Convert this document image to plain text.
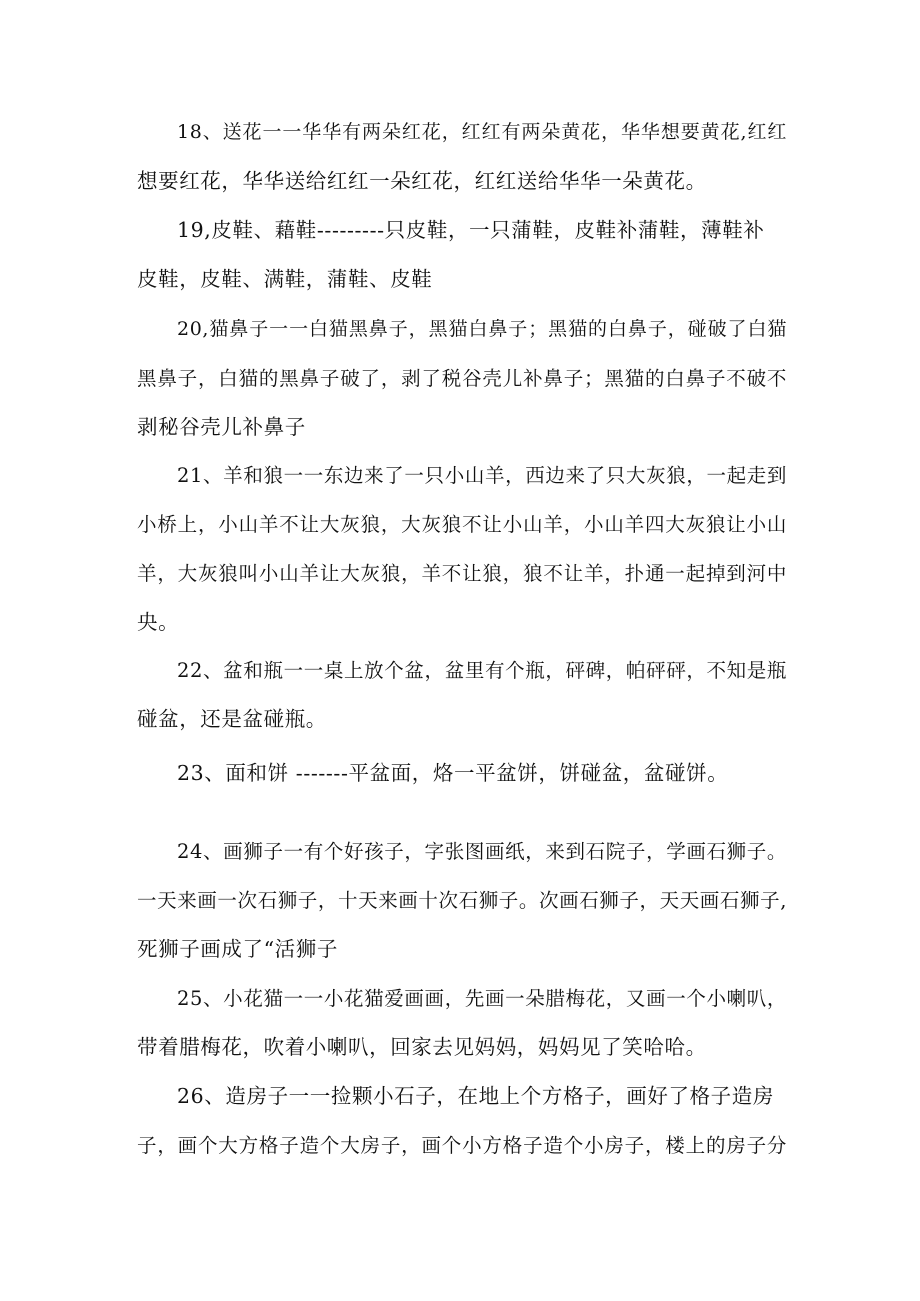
18、送花一一华华有两朵红花，红红有两朵黄花，华华想要黄花,红红
想要红花，华华送给红红一朵红花，红红送给华华一朵黄花。
19,皮鞋、藉鞋---------只皮鞋，一只蒲鞋，皮鞋补蒲鞋，薄鞋补
皮鞋，皮鞋、满鞋，蒲鞋、皮鞋
20,猫鼻子一一白猫黑鼻子，黑猫白鼻子；黑猫的白鼻子，碰破了白猫
黑鼻子，白猫的黑鼻子破了，剥了税谷壳儿补鼻子；黑猫的白鼻子不破不
剥秘谷壳儿补鼻子
21、羊和狼一一东边来了一只小山羊，西边来了只大灰狼，一起走到
小桥上，小山羊不让大灰狼，大灰狼不让小山羊，小山羊四大灰狼让小山
羊，大灰狼叫小山羊让大灰狼，羊不让狼，狼不让羊，扑通一起掉到河中
央。
22、盆和瓶一一桌上放个盆，盆里有个瓶，砰碑，帕砰砰，不知是瓶
碰盆，还是盆碰瓶。
23、面和饼 -------平盆面，烙一平盆饼，饼碰盆，盆碰饼。
24、画狮子一有个好孩子，字张图画纸，来到石院子，学画石狮子。
一天来画一次石狮子，十天来画十次石狮子。次画石狮子，天天画石狮子,
死狮子画成了“活狮子
25、小花猫一一小花猫爱画画，先画一朵腊梅花，又画一个小喇叭，
带着腊梅花，吹着小喇叭，回家去见妈妈，妈妈见了笑哈哈。
26、造房子一一捡颗小石子，在地上个方格子，画好了格子造房
子，画个大方格子造个大房子，画个小方格子造个小房子，楼上的房子分
